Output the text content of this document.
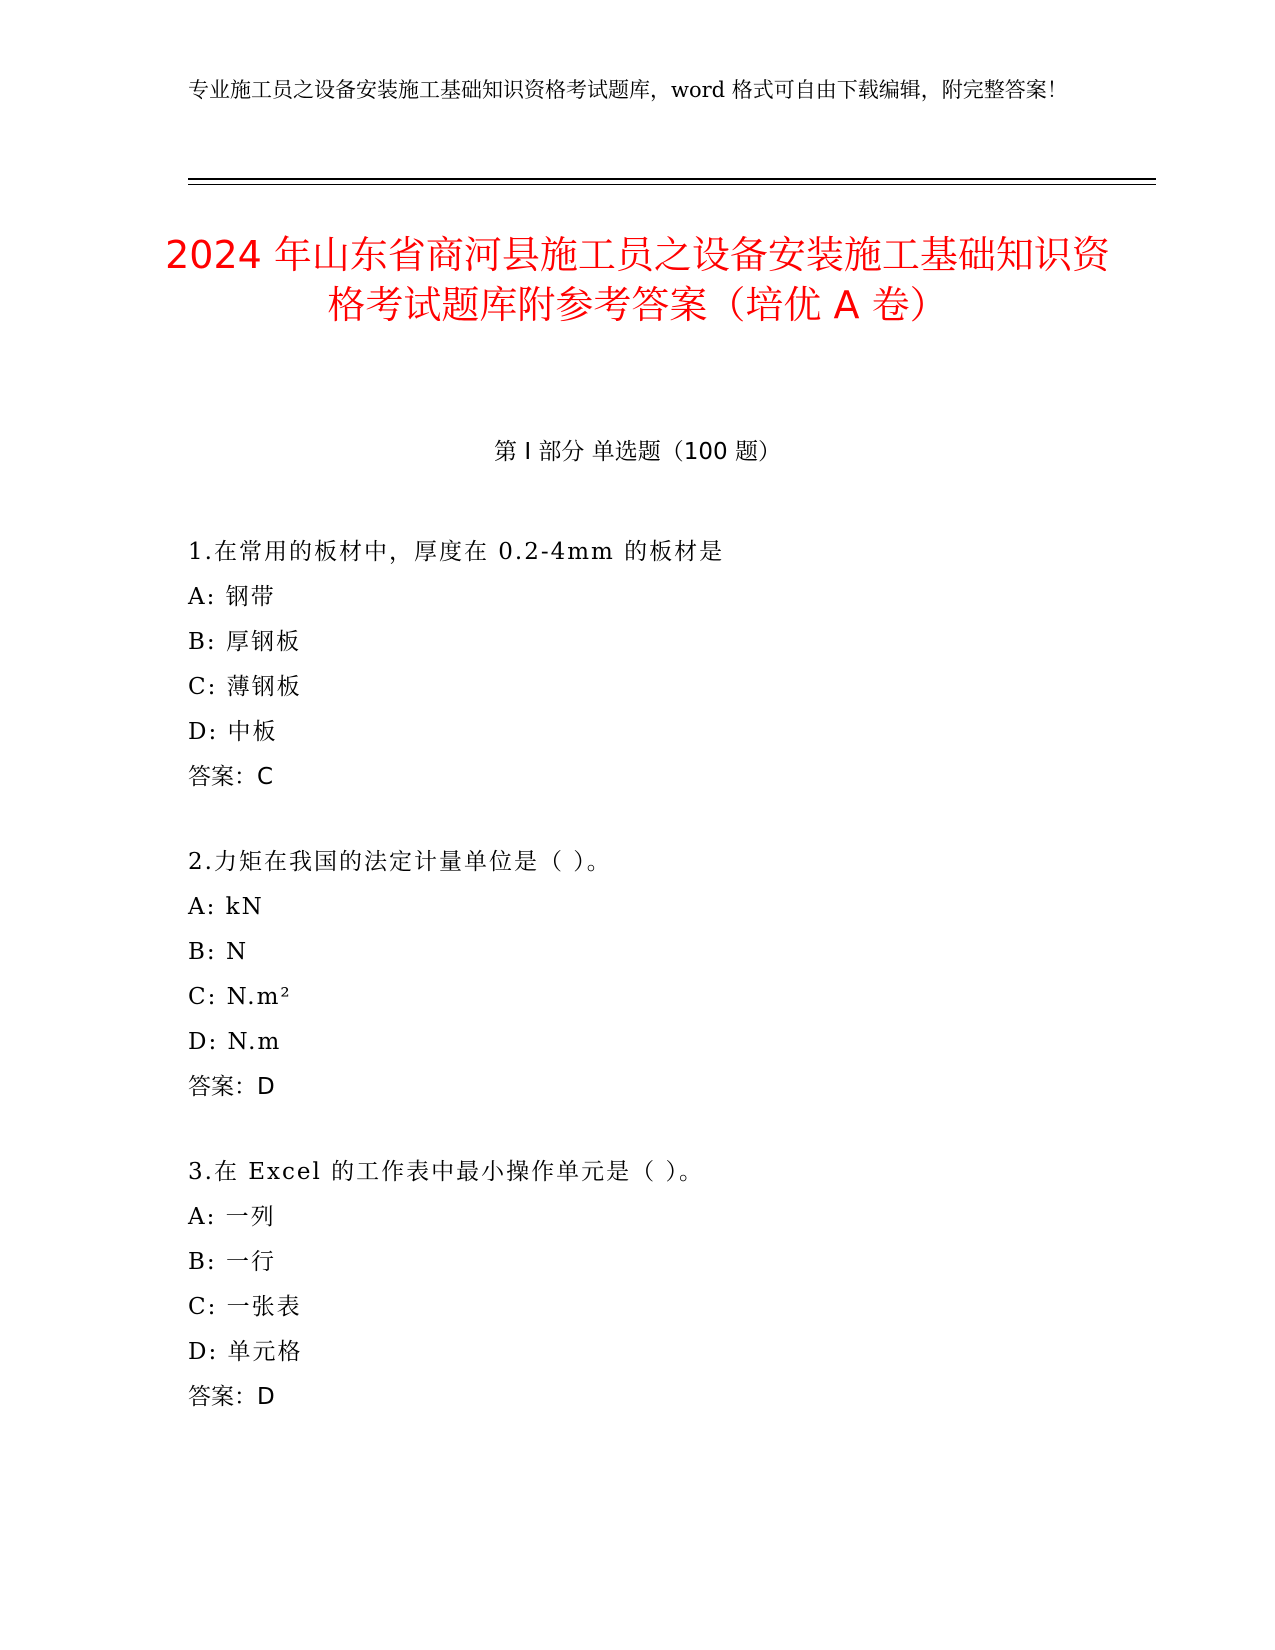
专业施工员之设备安装施工基础知识资格考试题库，word 格式可自由下载编辑，附完整答案！
2024 年山东省商河县施工员之设备安装施工基础知识资格考试题库附参考答案（培优 A 卷）
第 I 部分 单选题（100 题）
1.在常用的板材中，厚度在 0.2-4mm 的板材是
A: 钢带
B: 厚钢板
C: 薄钢板
D: 中板
答案：C
2.力矩在我国的法定计量单位是（ ）。
A: kN
B: N
C: N.m²
D: N.m
答案：D
3.在 Excel 的工作表中最小操作单元是（ ）。
A: 一列
B: 一行
C: 一张表
D: 单元格
答案：D
